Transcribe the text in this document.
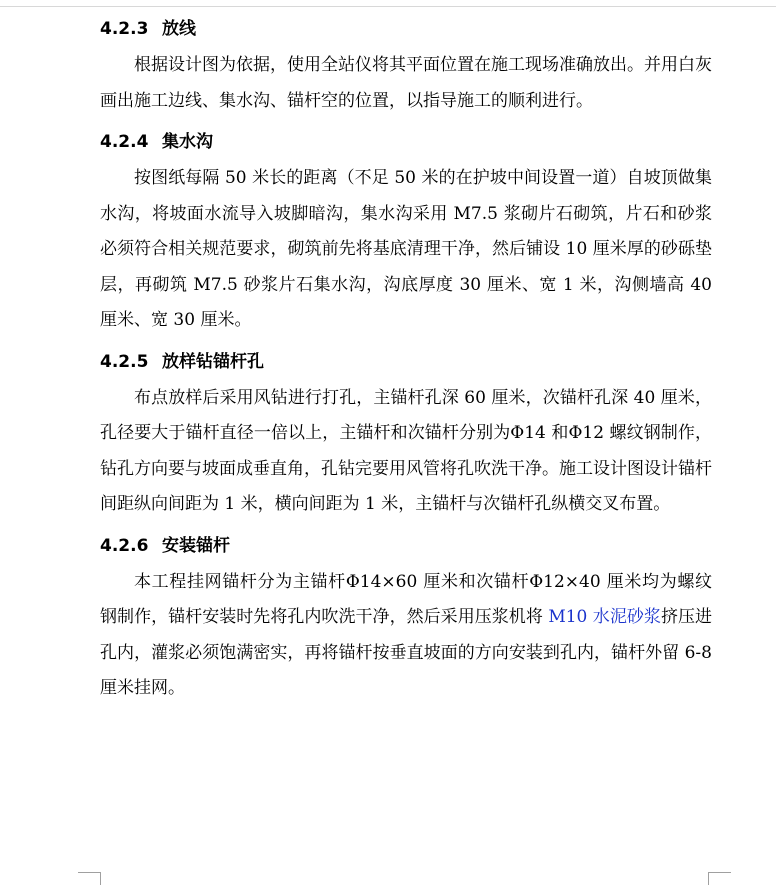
4.2.3 放线

根据设计图为依据，使用全站仪将其平面位置在施工现场准确放出。并用白灰画出施工边线、集水沟、锚杆空的位置，以指导施工的顺利进行。

4.2.4 集水沟

按图纸每隔 50 米长的距离（不足 50 米的在护坡中间设置一道）自坡顶做集水沟，将坡面水流导入坡脚暗沟，集水沟采用 M7.5 浆砌片石砌筑，片石和砂浆必须符合相关规范要求，砌筑前先将基底清理干净，然后铺设 10 厘米厚的砂砾垫层，再砌筑 M7.5 砂浆片石集水沟，沟底厚度 30 厘米、宽 1 米，沟侧墙高 40 厘米、宽 30 厘米。

4.2.5 放样钻锚杆孔

布点放样后采用风钻进行打孔，主锚杆孔深 60 厘米，次锚杆孔深 40 厘米，孔径要大于锚杆直径一倍以上，主锚杆和次锚杆分别为Φ14 和Φ12 螺纹钢制作，钻孔方向要与坡面成垂直角，孔钻完要用风管将孔吹洗干净。施工设计图设计锚杆间距纵向间距为 1 米，横向间距为 1 米，主锚杆与次锚杆孔纵横交叉布置。

4.2.6 安装锚杆

本工程挂网锚杆分为主锚杆Φ14×60 厘米和次锚杆Φ12×40 厘米均为螺纹钢制作，锚杆安装时先将孔内吹洗干净，然后采用压浆机将 M10 水泥砂浆挤压进孔内，灌浆必须饱满密实，再将锚杆按垂直坡面的方向安装到孔内，锚杆外留 6-8 厘米挂网。
